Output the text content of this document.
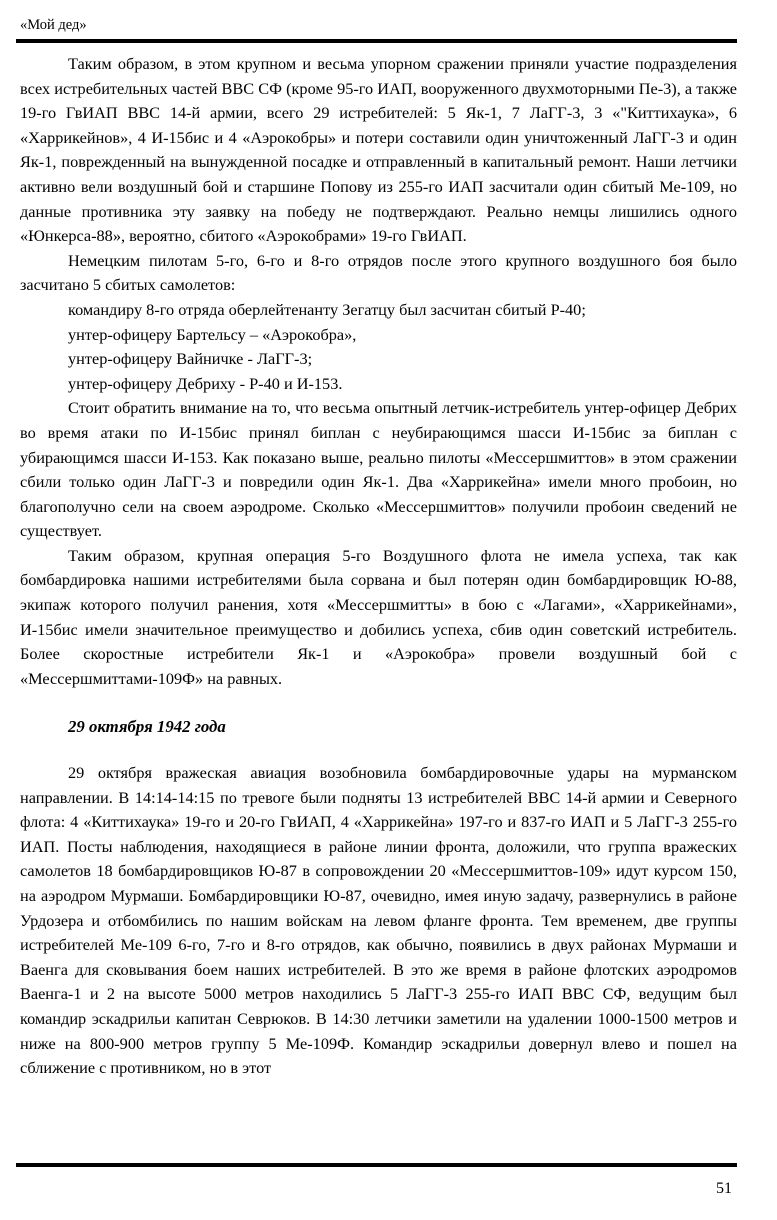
«Мой дед»

Таким образом, в этом крупном и весьма упорном сражении приняли участие подразделения всех истребительных частей ВВС СФ (кроме 95-го ИАП, вооруженного двухмоторными Пе-3), а также 19-го ГвИАП ВВС 14-й армии, всего 29 истребителей: 5 Як-1, 7 ЛаГГ-3, 3 «"Киттихаука», 6 «Харрикейнов», 4 И-15бис и 4 «Аэрокобры» и потери составили один уничтоженный ЛаГГ-3 и один Як-1, поврежденный на вынужденной посадке и отправленный в капитальный ремонт. Наши летчики активно вели воздушный бой и старшине Попову из 255-го ИАП засчитали один сбитый Ме-109, но данные противника эту заявку на победу не подтверждают. Реально немцы лишились одного «Юнкерса-88», вероятно, сбитого «Аэрокобрами» 19-го ГвИАП.

Немецким пилотам 5-го, 6-го и 8-го отрядов после этого крупного воздушного боя было засчитано 5 сбитых самолетов:

командиру 8-го отряда оберлейтенанту Зегатцу был засчитан сбитый Р-40;

унтер-офицеру Бартельсу – «Аэрокобра»,

унтер-офицеру Вайничке - ЛаГГ-3;

унтер-офицеру Дебриху - Р-40 и И-153.

Стоит обратить внимание на то, что весьма опытный летчик-истребитель унтер-офицер Дебрих во время атаки по И-15бис принял биплан с неубирающимся шасси И-15бис за биплан с убирающимся шасси И-153. Как показано выше, реально пилоты «Мессершмиттов» в этом сражении сбили только один ЛаГГ-3 и повредили один Як-1. Два «Харрикейна» имели много пробоин, но благополучно сели на своем аэродроме. Сколько «Мессершмиттов» получили пробоин сведений не существует.

Таким образом, крупная операция 5-го Воздушного флота не имела успеха, так как бомбардировка нашими истребителями была сорвана и был потерян один бомбардировщик Ю-88, экипаж которого получил ранения, хотя «Мессершмитты» в бою с «Лагами», «Харрикейнами», И-15бис имели значительное преимущество и добились успеха, сбив один советский истребитель. Более скоростные истребители Як-1 и «Аэрокобра» провели воздушный бой с «Мессершмиттами-109Ф» на равных.

29 октября 1942 года

29 октября вражеская авиация возобновила бомбардировочные удары на мурманском направлении. В 14:14-14:15 по тревоге были подняты 13 истребителей ВВС 14-й армии и Северного флота: 4 «Киттихаука» 19-го и 20-го ГвИАП, 4 «Харрикейна» 197-го и 837-го ИАП и 5 ЛаГГ-3 255-го ИАП. Посты наблюдения, находящиеся в районе линии фронта, доложили, что группа вражеских самолетов 18 бомбардировщиков Ю-87 в сопровождении 20 «Мессершмиттов-109» идут курсом 150, на аэродром Мурмаши. Бомбардировщики Ю-87, очевидно, имея иную задачу, развернулись в районе Урдозера и отбомбились по нашим войскам на левом фланге фронта. Тем временем, две группы истребителей Ме-109 6-го, 7-го и 8-го отрядов, как обычно, появились в двух районах Мурмаши и Ваенга для сковывания боем наших истребителей. В это же время в районе флотских аэродромов Ваенга-1 и 2 на высоте 5000 метров находились 5 ЛаГГ-3 255-го ИАП ВВС СФ, ведущим был командир эскадрильи капитан Севрюков. В 14:30 летчики заметили на удалении 1000-1500 метров и ниже на 800-900 метров группу 5 Ме-109Ф. Командир эскадрильи довернул влево и пошел на сближение с противником, но в этот

51
